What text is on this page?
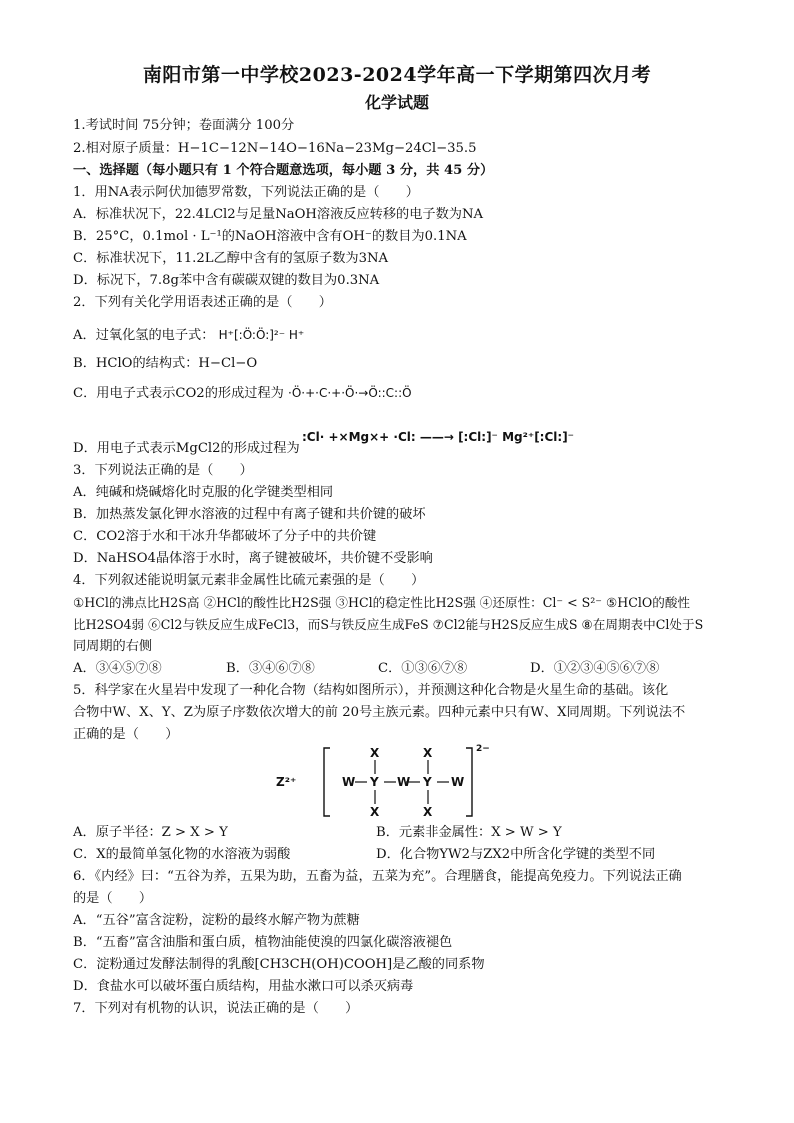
南阳市第一中学校2023-2024学年高一下学期第四次月考
化学试题
1.考试时间 75分钟；卷面满分 100分
2.相对原子质量：H−1C−12N−14O−16Na−23Mg−24Cl−35.5
一、选择题（每小题只有 1 个符合题意选项，每小题 3 分，共 45 分）
1．用NA表示阿伏加德罗常数，下列说法正确的是（　　）
A．标准状况下，22.4LCl2与足量NaOH溶液反应转移的电子数为NA
B．25°C，0.1mol · L⁻¹的NaOH溶液中含有OH⁻的数目为0.1NA
C．标准状况下，11.2L乙醇中含有的氢原子数为3NA
D．标况下，7.8g苯中含有碳碳双键的数目为0.3NA
2．下列有关化学用语表述正确的是（　　）
A．过氧化氢的电子式： H⁺[:Ö:Ö:]²⁻ H⁺
B．HClO的结构式：H−Cl−O
C．用电子式表示CO2的形成过程为 ·Ö·+·C·+·Ö·→Ö::C::Ö
D．用电子式表示MgCl2的形成过程为
:Cl· +×Mg×+ ·Cl: ——→ [:Cl:]⁻ Mg²⁺[:Cl:]⁻
3．下列说法正确的是（　　）
A．纯碱和烧碱熔化时克服的化学键类型相同
B．加热蒸发氯化钾水溶液的过程中有离子键和共价键的破坏
C．CO2溶于水和干冰升华都破坏了分子中的共价键
D．NaHSO4晶体溶于水时，离子键被破坏，共价键不受影响
4．下列叙述能说明氯元素非金属性比硫元素强的是（　　）
①HCl的沸点比H2S高 ②HCl的酸性比H2S强 ③HCl的稳定性比H2S强 ④还原性：Cl⁻ < S²⁻ ⑤HClO的酸性
比H2SO4弱 ⑥Cl2与铁反应生成FeCl3，而S与铁反应生成FeS ⑦Cl2能与H2S反应生成S ⑧在周期表中Cl处于S
同周期的右侧
A．③④⑤⑦⑧	B．③④⑥⑦⑧	C．①③⑥⑦⑧	D．①②③④⑤⑥⑦⑧
5．科学家在火星岩中发现了一种化合物（结构如图所示），并预测这种化合物是火星生命的基础。该化
合物中W、X、Y、Z为原子序数依次增大的前 20号主族元素。四种元素中只有W、X同周期。下列说法不
正确的是（　　）
Z²⁺	W Y W Y W
X	X
X	X
2−
A．原子半径：Z > X > Y	B．元素非金属性：X > W > Y
C．X的最简单氢化物的水溶液为弱酸	D．化合物YW2与ZX2中所含化学键的类型不同
6．《内经》曰：“五谷为养，五果为助，五畜为益，五菜为充”。合理膳食，能提高免疫力。下列说法正确
的是（　　）
A．“五谷”富含淀粉，淀粉的最终水解产物为蔗糖
B．“五畜”富含油脂和蛋白质，植物油能使溴的四氯化碳溶液褪色
C．淀粉通过发酵法制得的乳酸[CH3CH(OH)COOH]是乙酸的同系物
D．食盐水可以破坏蛋白质结构，用盐水漱口可以杀灭病毒
7．下列对有机物的认识，说法正确的是（　　）
